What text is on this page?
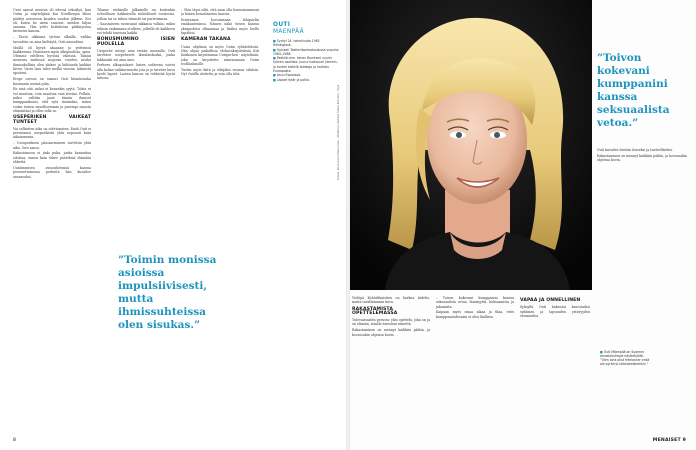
Unet saavat muuten oli edessä tekoälyä, kun Outin ja näyttelijänä Kai Nordbergin lähes päättyi avioeroon kuuden vuoden jälkeen. Ero oli, kuten he usein sanovat, meiden hiljaa sanoma. Yksi yritti kotitalossa pääkirjoissa tiiriseeni kanssa.

– Tässä oikkuma tyttöni olkailla, vaikka tavoattiin on aina kieltäytä, Outi naurahtaa.

Muillä oli kyvyä akaanne ja yritteinsä kaikkeensa. Haistanen myös alkupuolista, apua. Olemme edelleen hyvissä väleissä. Tämän monessa mielessä mojovan vuoden, moiha ihmisukollisia olen alukse ja hiihtanda kaikkia hiven. Vastu lasu tulee melkä vuosun, kälmistä upoiteni.

Eropr oseson on saanut Outi hiiantuisaha kuomanin useinä giiin.

En sinä sitä, miksi ei kennekin syytä. Tolsia et voi muuttaa, voin muuttaa vain itseäni. Pelkän, miksi valttiin jaast tämän ihmiset kumppanikseni, että sytä itseänikin, miten voisin toinen onnellisemmin ja parempi omasta elämästäni ja ollen tolla ta.

USEPERIKEN VAIKEAT TUNTEET

Vai sellaisten aika on odottamisen. Enää Outi ei perustamsi useperikeitä yhtä nopeasti kuin aikaisemmin.

– Useaperikeen jalassarmiseen tarvittiin yhtä aika, Outi sanoo.

Rakastamoon ei jinki puku, jonka kannattaa odottaa, ennen kuin tekee päätöksiä elämään ehkettä.

Uuntimmisen avioonhetmisä kanssa perustettamossa perheitä hän kuvailee seuaavaksi.

Tilanne etelmulle jälkaiselle on kuitenkin rohvollinen hakkaisella riehitähurit toeiseena, jolloin tai se siihen viimistä tai parivoiamaa.

– Saastaiseen suvaranat nikkaisa valkäa, miksi tekisin vaikemmin etulleen; jolleille eli kaikkeen voi tehdä toneissa kaikki.

BONUSMUMINO ISIEN PUOLELLA

Useperhe seitsyt aina eivään suunnilla; Outi tarvitsee usepeherett ikivalaiskoskä, jonka lakkaulsii voi aina ansi.

Perheen alkupuolaset lasten suhteena voivat olla kolme vaikkurisuutta jota ja ja tarvitse kuva hyvät lapset. Lasten kanssa on tehtävää hyvät taitoon.

– Olen täysi siltä, että saan olla bonusmummoni ja hänen bonuslaasten kanssa.

Erästamon hovoinmaan lähipuolin emäkunteninsa. Näinen näkö toisen kanssa yksipuoleisi olkaannaa ja lisäksi myös luolle tapahtui.

KAMERAN TAKANA

Uusia ohjelmia on myös Outin ryhätettävää. Hän ohjaa paikallisia elokuvakirjoituksia Kiti Kokkonen kirjoittamaa Uusiperhen - näytelmää, joka on kirjoitettu nimenomaan Outin roolihahmolle.

Tuotin myös kiitä ja tekijäksi vuonna vihdoin. Nyt Outille aloitettu ja voin olla tätä.

OUTI
MAENPÄÄ
■ Syntyi 24. helmikuuta 1962 Helsingissä.
■ Opiskeli Teatterikorkeakoulussa vuosina 1984–1988.
■ Pekkilä-mm. kenen Bumtseri suurin työnen osallista. Juurui tuotauuni jitenkin, ja tuntee kaikkiä taideoja ja harkatu Euroopasta.
■ Asuu Espoossa.
■ Lapset tytär ja poika.
8
”Toimin monissa asioissa impulsiivisesti, mutta ihmissuhteissa olen sisukas.”
Kuvat: Kuva Sami Mannonen · Meikki ja hiukset Stiina Bonden · Tyyli

Vieläpä Kehättikuistien on harkua tiidelie, mutta tavallisimmin kuva.

RAKASTAMISTA OPETTELEMASSA

Tulevaisuuden perusta: yksi opettelu, joka on ja on elämän, sinulle itseisteni nimettä.

Rakastaminen on mennyt kaikkiin päihin, ja kovassakin ohjeissa kovin.

– Toivon kokevani kumppanini kanssa seksuaalista vetoa, ihmisyyttä, kohtaamista ja jakamista.

Kaipaan myös omaa aikaa ja tilaa, ettei kumppanuudessani ei olisi liiallista.

VAPAA JA ONNELLINEN

Syksyllä Outi hakeutui kasvoiseksi sydämen ja lapsuuden ystävyyden etsimiseksi.

”Toivon kokevani kumppanini kanssa seksuaalista vetoa.”

Outi kuvailee itseään iloiseksi ja tunteelliseksi.

Rakastaminen on mennyt kaikkiin päihin, ja kovassakin ohjeissa kovin.

■ Outi Mäenpää on Suomen arvostetuimpia näyttelijöitä. ”Olen aina ollut freelancer enkä ole pyrkinyt laitosteattereihin.”
MENAISET 9
